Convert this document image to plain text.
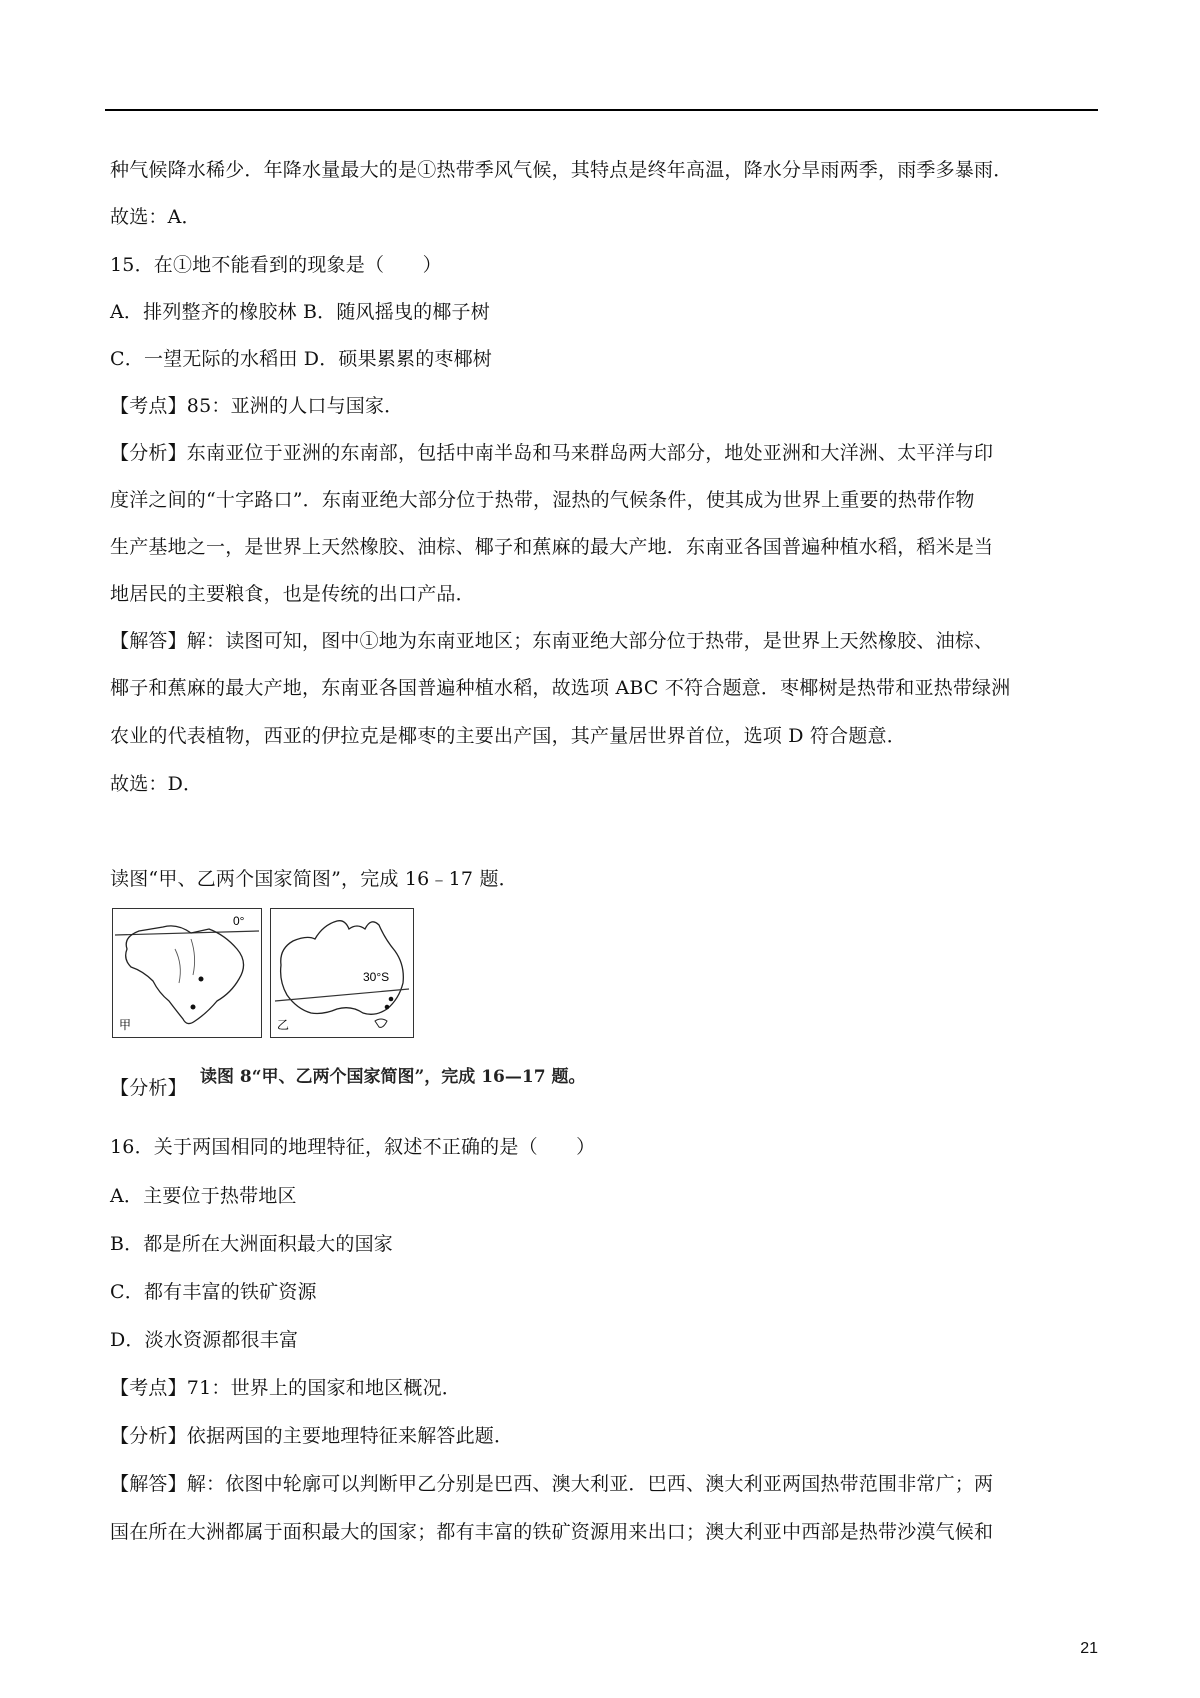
种气候降水稀少．年降水量最大的是①热带季风气候，其特点是终年高温，降水分旱雨两季，雨季多暴雨．
故选：A．
15．在①地不能看到的现象是（　　）
A．排列整齐的橡胶林 B．随风摇曳的椰子树
C．一望无际的水稻田 D．硕果累累的枣椰树
【考点】85：亚洲的人口与国家．
【分析】东南亚位于亚洲的东南部，包括中南半岛和马来群岛两大部分，地处亚洲和大洋洲、太平洋与印
度洋之间的“十字路口”．东南亚绝大部分位于热带，湿热的气候条件，使其成为世界上重要的热带作物
生产基地之一，是世界上天然橡胶、油棕、椰子和蕉麻的最大产地．东南亚各国普遍种植水稻，稻米是当
地居民的主要粮食，也是传统的出口产品．
【解答】解：读图可知，图中①地为东南亚地区；东南亚绝大部分位于热带，是世界上天然橡胶、油棕、
椰子和蕉麻的最大产地，东南亚各国普遍种植水稻，故选项 ABC 不符合题意．枣椰树是热带和亚热带绿洲
农业的代表植物，西亚的伊拉克是椰枣的主要出产国，其产量居世界首位，选项 D 符合题意．
故选：D．
读图“甲、乙两个国家简图”，完成 16﹣17 题．
0°
甲
30°S
乙
【分析】 读图 8“甲、乙两个国家简图”，完成 16—17 题。
16．关于两国相同的地理特征，叙述不正确的是（　　）
A．主要位于热带地区
B．都是所在大洲面积最大的国家
C．都有丰富的铁矿资源
D．淡水资源都很丰富
【考点】71：世界上的国家和地区概况．
【分析】依据两国的主要地理特征来解答此题．
【解答】解：依图中轮廓可以判断甲乙分别是巴西、澳大利亚．巴西、澳大利亚两国热带范围非常广；两
国在所在大洲都属于面积最大的国家；都有丰富的铁矿资源用来出口；澳大利亚中西部是热带沙漠气候和
21
